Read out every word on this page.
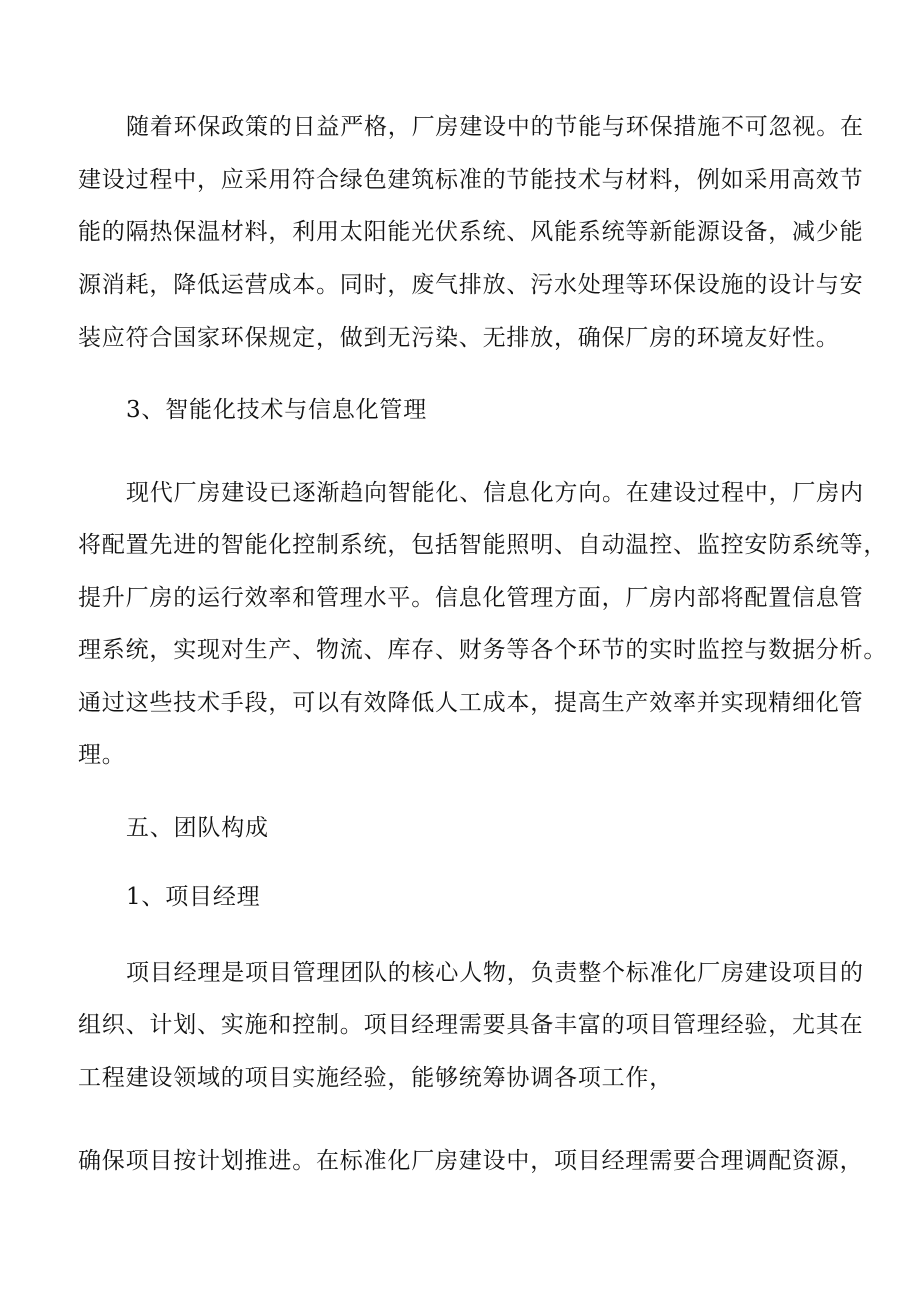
随着环保政策的日益严格，厂房建设中的节能与环保措施不可忽视。在
建设过程中，应采用符合绿色建筑标准的节能技术与材料，例如采用高效节
能的隔热保温材料，利用太阳能光伏系统、风能系统等新能源设备，减少能
源消耗，降低运营成本。同时，废气排放、污水处理等环保设施的设计与安
装应符合国家环保规定，做到无污染、无排放，确保厂房的环境友好性。
3、智能化技术与信息化管理
现代厂房建设已逐渐趋向智能化、信息化方向。在建设过程中，厂房内
将配置先进的智能化控制系统，包括智能照明、自动温控、监控安防系统等，
提升厂房的运行效率和管理水平。信息化管理方面，厂房内部将配置信息管
理系统，实现对生产、物流、库存、财务等各个环节的实时监控与数据分析。
通过这些技术手段，可以有效降低人工成本，提高生产效率并实现精细化管
理。
五、团队构成
1、项目经理
项目经理是项目管理团队的核心人物，负责整个标准化厂房建设项目的
组织、计划、实施和控制。项目经理需要具备丰富的项目管理经验，尤其在
工程建设领域的项目实施经验，能够统筹协调各项工作，
确保项目按计划推进。在标准化厂房建设中，项目经理需要合理调配资源，
